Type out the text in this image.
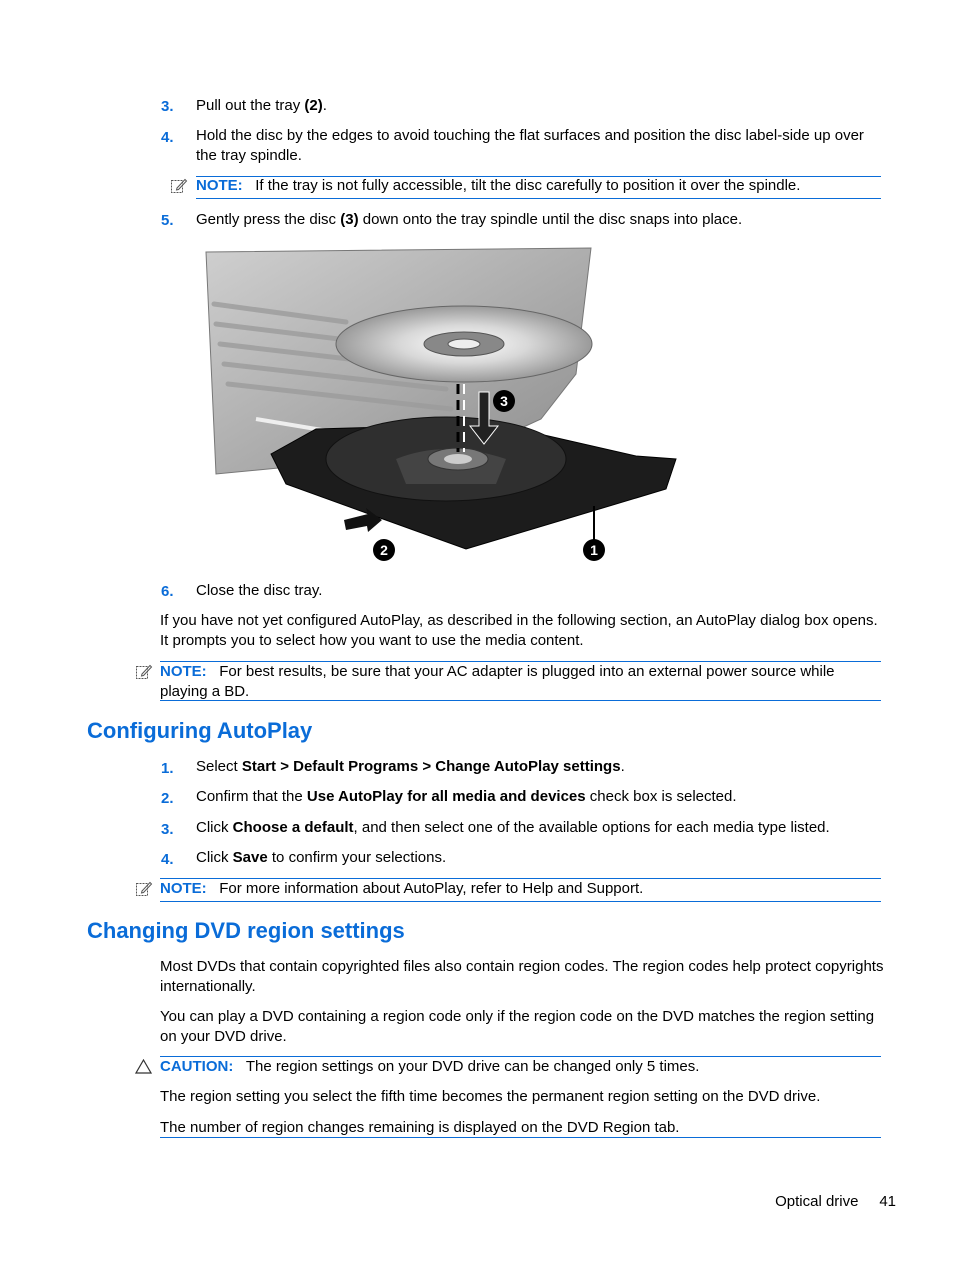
3. Pull out the tray (2).
4. Hold the disc by the edges to avoid touching the flat surfaces and position the disc label-side up over the tray spindle.
NOTE: If the tray is not fully accessible, tilt the disc carefully to position it over the spindle.
5. Gently press the disc (3) down onto the tray spindle until the disc snaps into place.
3
2	1
6. Close the disc tray.
If you have not yet configured AutoPlay, as described in the following section, an AutoPlay dialog box opens. It prompts you to select how you want to use the media content.
NOTE: For best results, be sure that your AC adapter is plugged into an external power source while playing a BD.
Configuring AutoPlay
1. Select Start > Default Programs > Change AutoPlay settings.
2. Confirm that the Use AutoPlay for all media and devices check box is selected.
3. Click Choose a default, and then select one of the available options for each media type listed.
4. Click Save to confirm your selections.
NOTE: For more information about AutoPlay, refer to Help and Support.
Changing DVD region settings
Most DVDs that contain copyrighted files also contain region codes. The region codes help protect copyrights internationally.
You can play a DVD containing a region code only if the region code on the DVD matches the region setting on your DVD drive.
CAUTION: The region settings on your DVD drive can be changed only 5 times.
The region setting you select the fifth time becomes the permanent region setting on the DVD drive.
The number of region changes remaining is displayed on the DVD Region tab.
Optical drive 41
